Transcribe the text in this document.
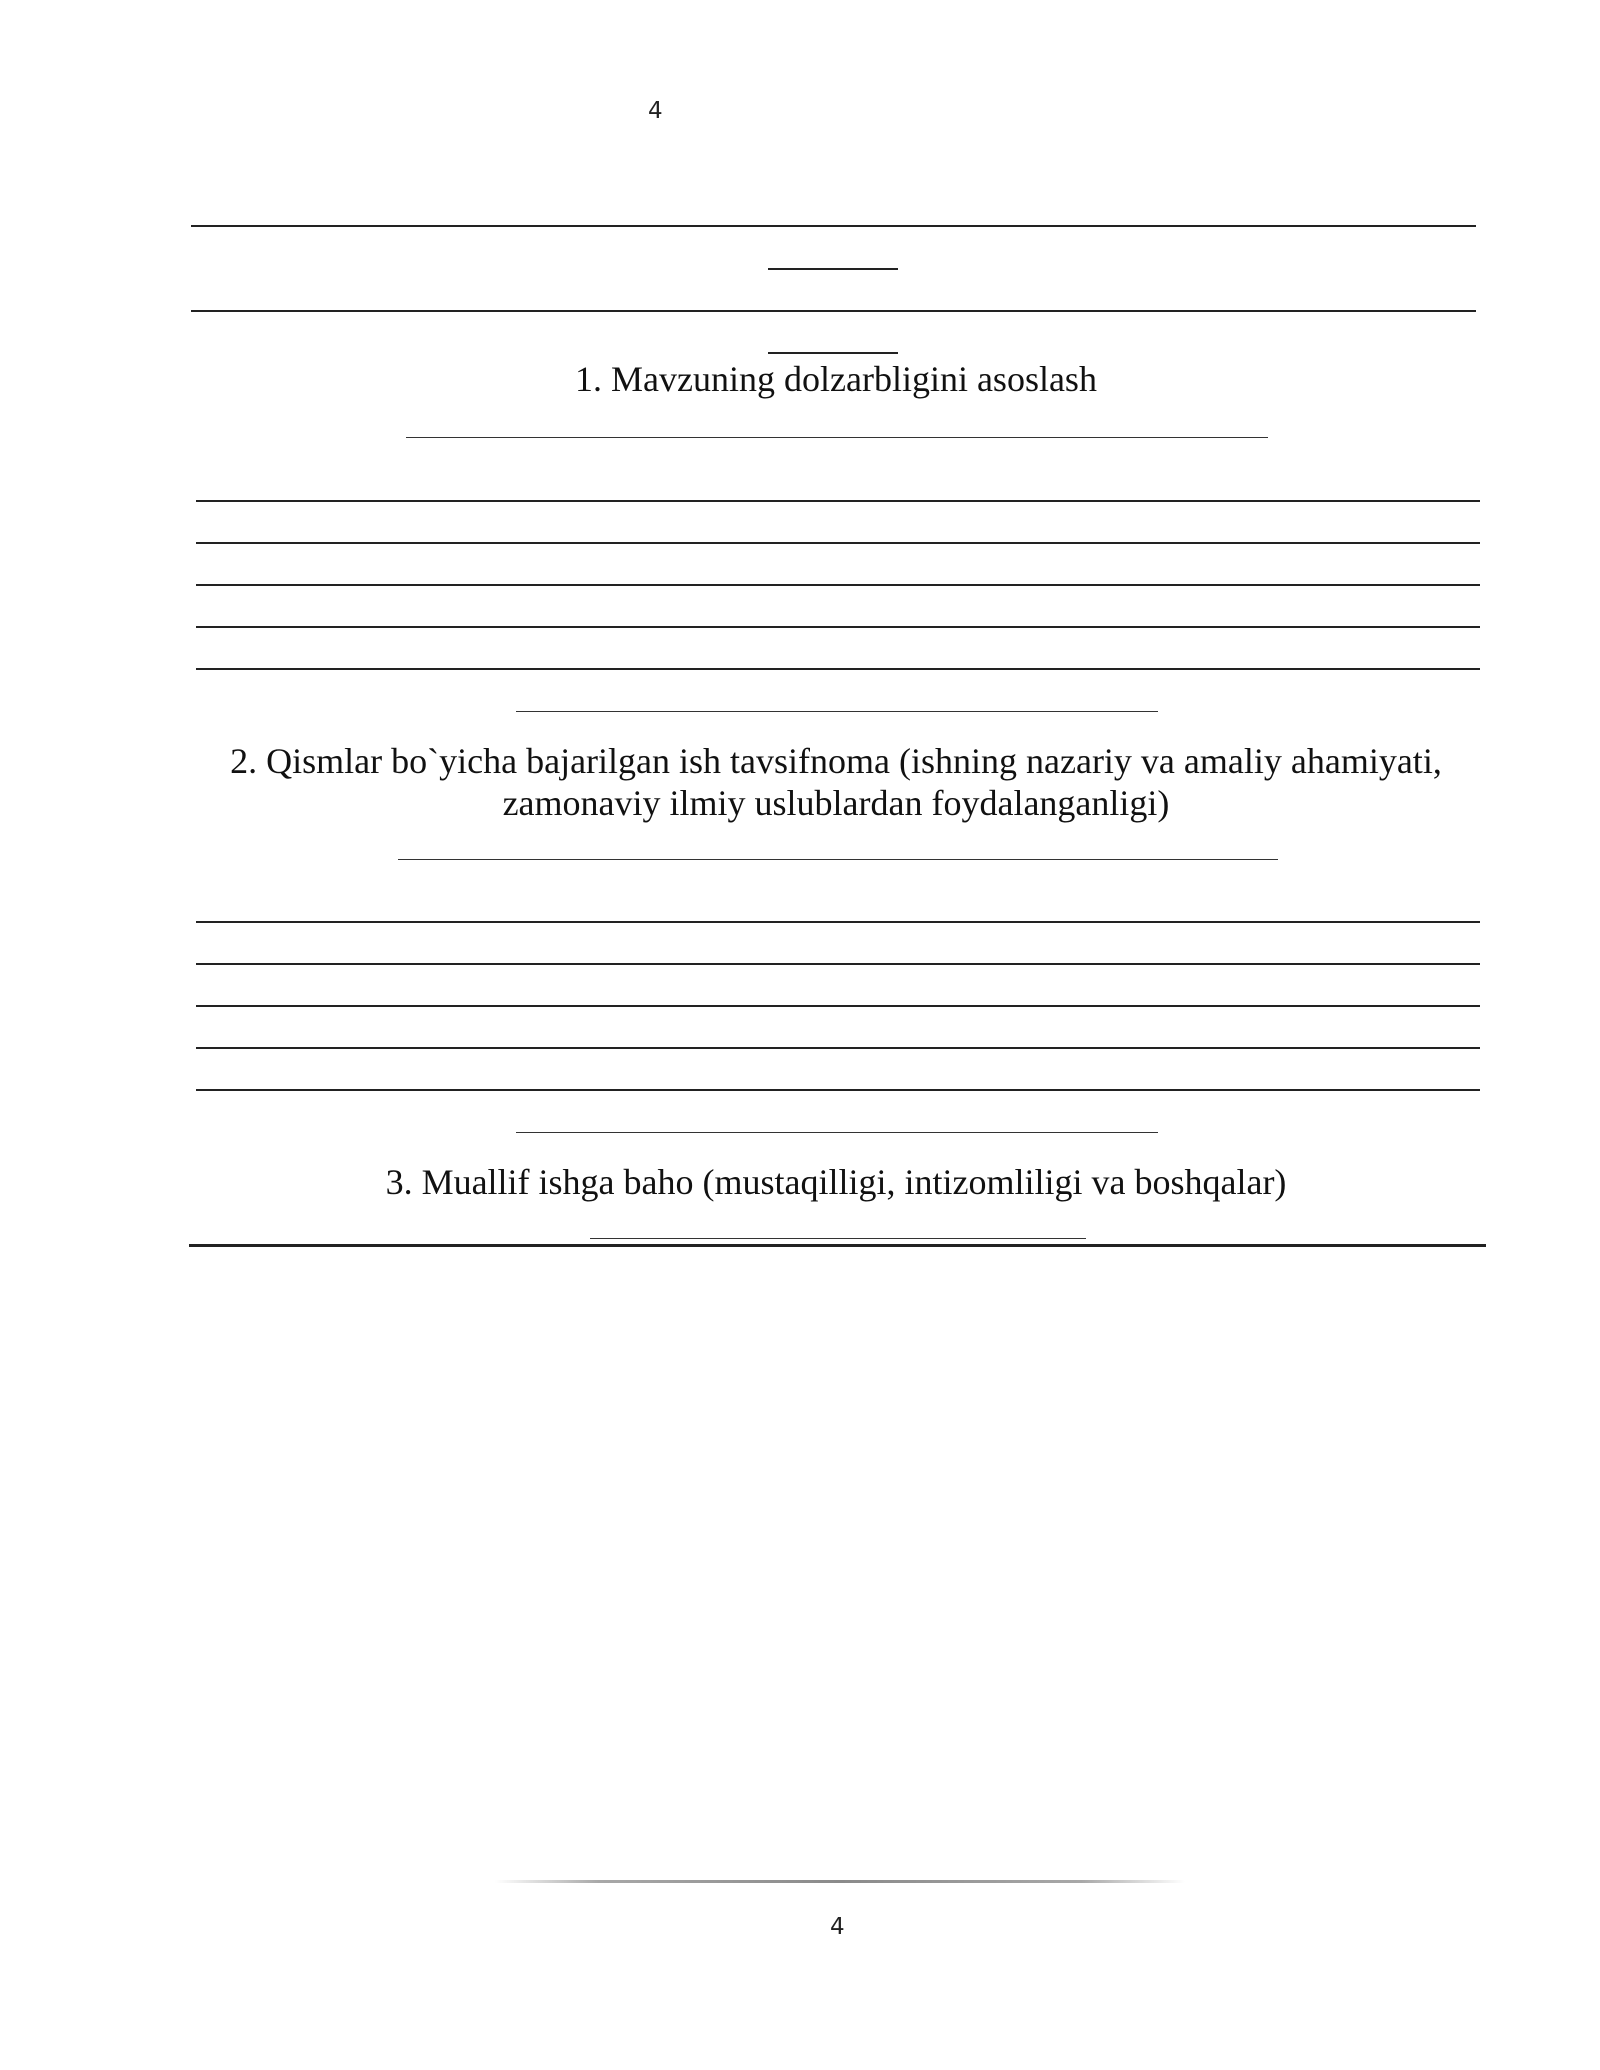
4
1. Mavzuning dolzarbligini asoslash
2. Qismlar bo`yicha bajarilgan ish tavsifnoma (ishning nazariy va amaliy ahamiyati,
zamonaviy ilmiy uslublardan foydalanganligi)
3. Muallif ishga baho (mustaqilligi, intizomliligi va boshqalar)
4
